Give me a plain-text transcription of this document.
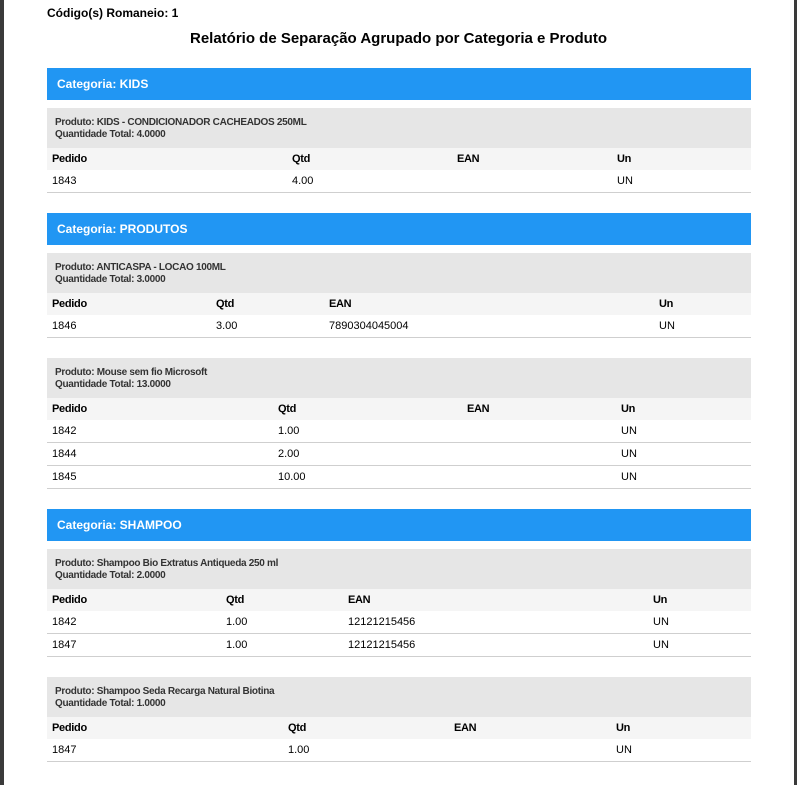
Código(s) Romaneio: 1
Relatório de Separação Agrupado por Categoria e Produto
Categoria: KIDS
Produto: KIDS - CONDICIONADOR CACHEADOS 250ML
Quantidade Total: 4.0000
Pedido	Qtd	EAN	Un
1843	4.00		UN
Categoria: PRODUTOS
Produto: ANTICASPA - LOCAO 100ML
Quantidade Total: 3.0000
Pedido	Qtd	EAN	Un
1846	3.00	7890304045004	UN
Produto: Mouse sem fio Microsoft
Quantidade Total: 13.0000
Pedido	Qtd	EAN	Un
1842	1.00		UN
1844	2.00		UN
1845	10.00		UN
Categoria: SHAMPOO
Produto: Shampoo Bio Extratus Antiqueda 250 ml
Quantidade Total: 2.0000
Pedido	Qtd	EAN	Un
1842	1.00	12121215456	UN
1847	1.00	12121215456	UN
Produto: Shampoo Seda Recarga Natural Biotina
Quantidade Total: 1.0000
Pedido	Qtd	EAN	Un
1847	1.00		UN
